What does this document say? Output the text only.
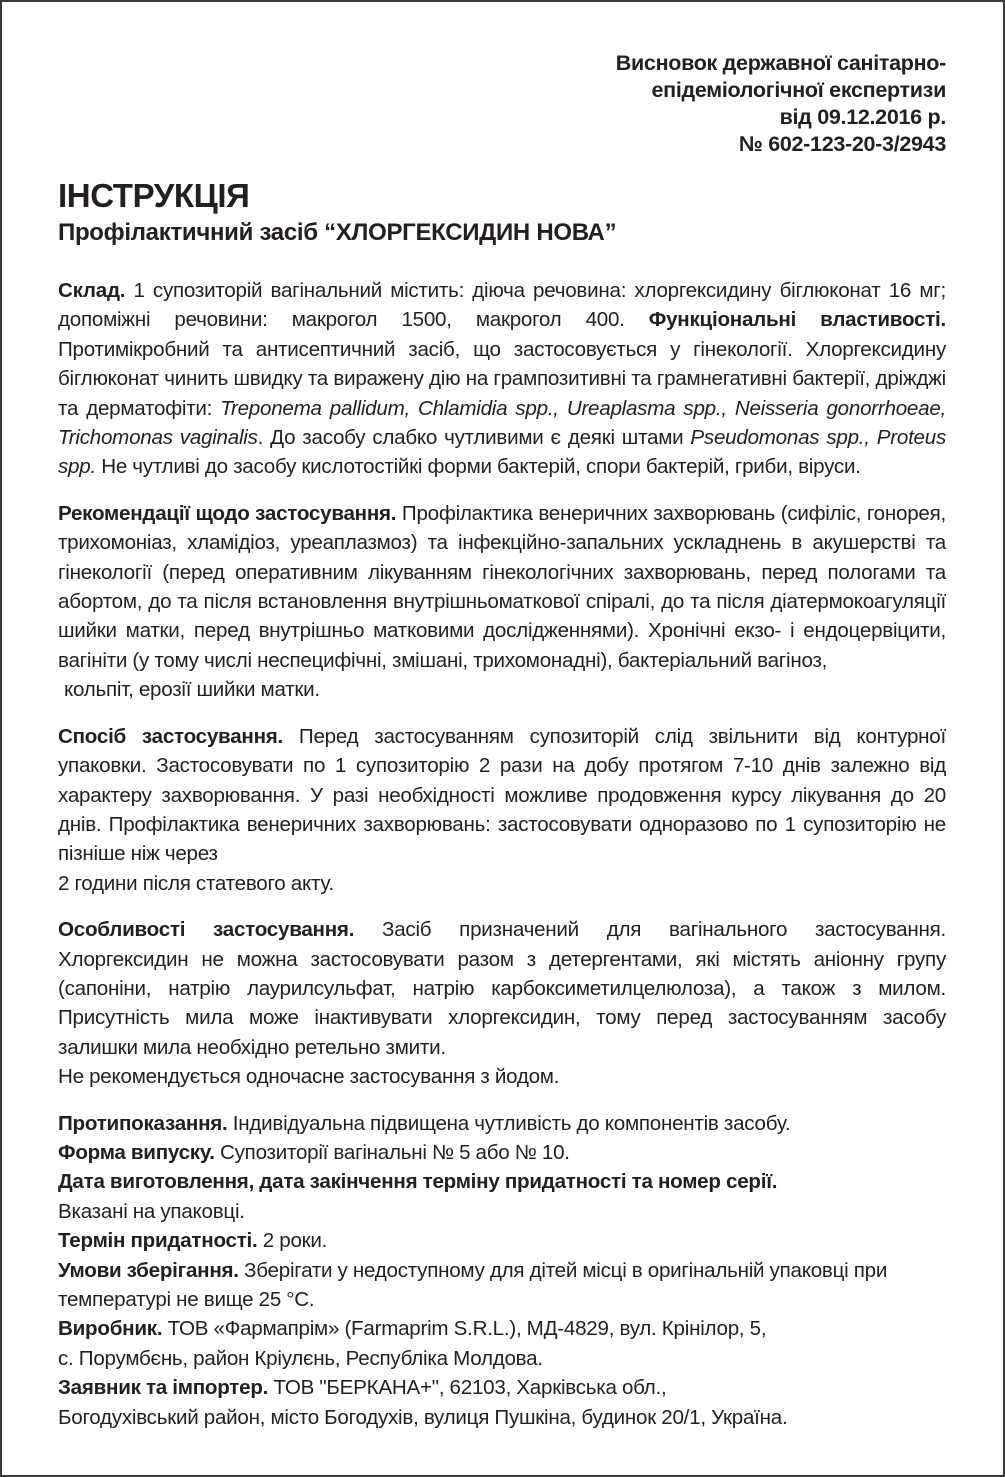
Висновок державної санітарно-
епідеміологічної експертизи
від 09.12.2016 р.
№ 602-123-20-3/2943
ІНСТРУКЦІЯ
Профілактичний засіб “ХЛОРГЕКСИДИН НОВА”

Склад. 1 супозиторій вагінальний містить: діюча речовина: хлоргексидину біглюконат 16 мг; допоміжні речовини: макрогол 1500, макрогол 400. Функціональні властивості. Протимікробний та антисептичний засіб, що застосовується у гінекології. Хлоргексидину біглюконат чинить швидку та виражену дію на грампозитивні та грамнегативні бактерії, дріжджі та дерматофіти: Treponema pallidum, Chlamidia spp., Ureaplasma spp., Neisseria gonorrhoeae, Trichomonas vaginalis. До засобу слабко чутливими є деякі штами Pseudomonas spp., Proteus spp. Не чутливі до засобу кислотостійкі форми бактерій, спори бактерій, гриби, віруси.

Рекомендації щодо застосування. Профілактика венеричних захворювань (сифіліс, гонорея, трихомоніаз, хламідіоз, уреаплазмоз) та інфекційно-запальних ускладнень в акушерстві та гінекології (перед оперативним лікуванням гінекологічних захворювань, перед пологами та абортом, до та після встановлення внутрішньоматкової спіралі, до та після діатермокоагуляції шийки матки, перед внутрішньо матковими дослідженнями). Хронічні екзо- і ендоцервіцити, вагініти (у тому числі неспецифічні, змішані, трихомонадні), бактеріальний вагіноз,

кольпіт, ерозії шийки матки.

Спосіб застосування. Перед застосуванням супозиторій слід звільнити від контурної упаковки. Застосовувати по 1 супозиторію 2 рази на добу протягом 7-10 днів залежно від характеру захворювання. У разі необхідності можливе продовження курсу лікування до 20 днів. Профілактика венеричних захворювань: застосовувати одноразово по 1 супозиторію не пізніше ніж через

2 години після статевого акту.

Особливості застосування. Засіб призначений для вагінального застосування. Хлоргексидин не можна застосовувати разом з детергентами, які містять аніонну групу (сапоніни, натрію лаурилсульфат, натрію карбоксиметилцелюлоза), а також з милом. Присутність мила може інактивувати хлоргексидин, тому перед застосуванням засобу залишки мила необхідно ретельно змити.

Не рекомендується одночасне застосування з йодом.

Протипоказання. Індивідуальна підвищена чутливість до компонентів засобу.

Форма випуску. Супозиторії вагінальні № 5 або № 10.

Дата виготовлення, дата закінчення терміну придатності та номер серії.

Вказані на упаковці.

Термін придатності. 2 роки.

Умови зберігання. Зберігати у недоступному для дітей місці в оригінальній упаковці при температурі не вище 25 °С.

Виробник. ТОВ «Фармапрім» (Farmaprim S.R.L.), МД-4829, вул. Крінілор, 5,

с. Порумбєнь, район Кріулєнь, Республіка Молдова.

Заявник та імпортер. ТОВ "БЕРКАНА+", 62103, Харківська обл.,

Богодухівський район, місто Богодухів, вулиця Пушкіна, будинок 20/1, Україна.
